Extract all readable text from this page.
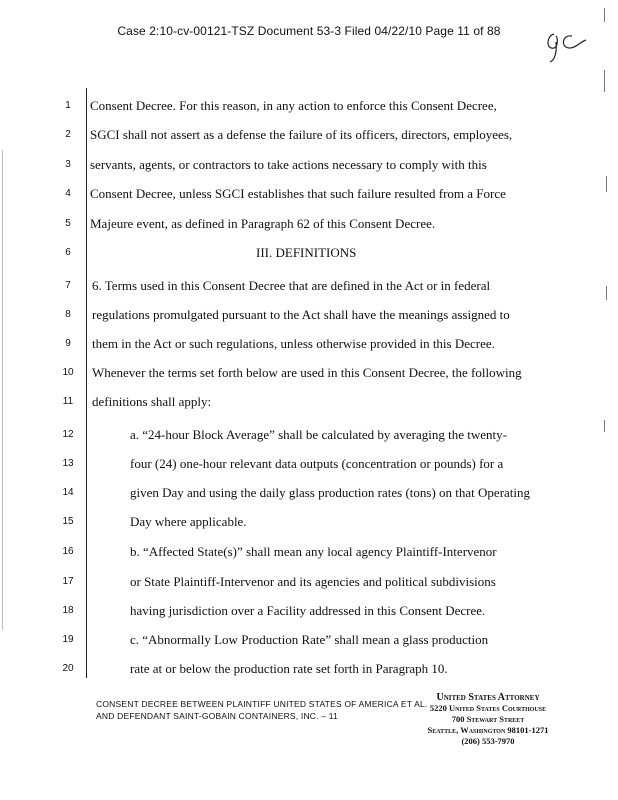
Case 2:10-cv-00121-TSZ Document 53-3 Filed 04/22/10 Page 11 of 88
1
2
3
4
5
6
7
8
9
10
11
12
13
14
15
16
17
18
19
20
Consent Decree. For this reason, in any action to enforce this Consent Decree,
SGCI shall not assert as a defense the failure of its officers, directors, employees,
servants, agents, or contractors to take actions necessary to comply with this
Consent Decree, unless SGCI establishes that such failure resulted from a Force
Majeure event, as defined in Paragraph 62 of this Consent Decree.
III. DEFINITIONS
6. Terms used in this Consent Decree that are defined in the Act or in federal
regulations promulgated pursuant to the Act shall have the meanings assigned to
them in the Act or such regulations, unless otherwise provided in this Decree.
Whenever the terms set forth below are used in this Consent Decree, the following
definitions shall apply:
a. “24-hour Block Average” shall be calculated by averaging the twenty-
four (24) one-hour relevant data outputs (concentration or pounds) for a
given Day and using the daily glass production rates (tons) on that Operating
Day where applicable.
b. “Affected State(s)” shall mean any local agency Plaintiff-Intervenor
or State Plaintiff-Intervenor and its agencies and political subdivisions
having jurisdiction over a Facility addressed in this Consent Decree.
c. “Abnormally Low Production Rate” shall mean a glass production
rate at or below the production rate set forth in Paragraph 10.
CONSENT DECREE BETWEEN PLAINTIFF UNITED STATES OF AMERICA ET AL.
AND DEFENDANT SAINT-GOBAIN CONTAINERS, INC. – 11
United States Attorney
5220 United States Courthouse
700 Stewart Street
Seattle, Washington 98101-1271
(206) 553-7970
